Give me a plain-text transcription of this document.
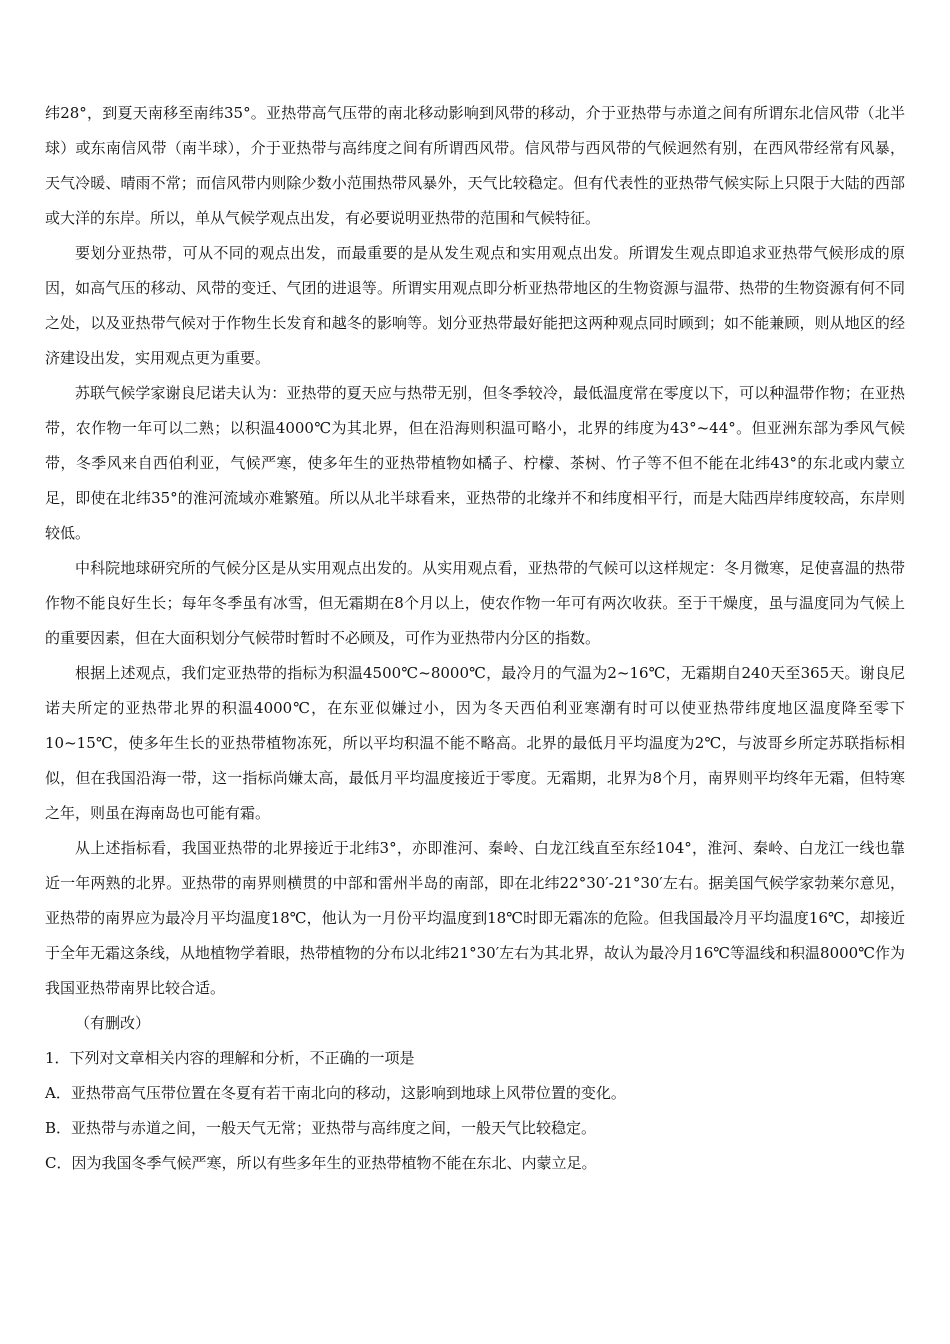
纬28°，到夏天南移至南纬35°。亚热带高气压带的南北移动影响到风带的移动，介于亚热带与赤道之间有所谓东北信风带（北半球）或东南信风带（南半球），介于亚热带与高纬度之间有所谓西风带。信风带与西风带的气候迥然有别，在西风带经常有风暴，天气冷暖、晴雨不常；而信风带内则除少数小范围热带风暴外，天气比较稳定。但有代表性的亚热带气候实际上只限于大陆的西部或大洋的东岸。所以，单从气候学观点出发，有必要说明亚热带的范围和气候特征。

要划分亚热带，可从不同的观点出发，而最重要的是从发生观点和实用观点出发。所谓发生观点即追求亚热带气候形成的原因，如高气压的移动、风带的变迁、气团的进退等。所谓实用观点即分析亚热带地区的生物资源与温带、热带的生物资源有何不同之处，以及亚热带气候对于作物生长发育和越冬的影响等。划分亚热带最好能把这两种观点同时顾到；如不能兼顾，则从地区的经济建设出发，实用观点更为重要。

苏联气候学家谢良尼诺夫认为：亚热带的夏天应与热带无别，但冬季较冷，最低温度常在零度以下，可以种温带作物；在亚热带，农作物一年可以二熟；以积温4000℃为其北界，但在沿海则积温可略小，北界的纬度为43°~44°。但亚洲东部为季风气候带，冬季风来自西伯利亚，气候严寒，使多年生的亚热带植物如橘子、柠檬、茶树、竹子等不但不能在北纬43°的东北或内蒙立足，即使在北纬35°的淮河流域亦难繁殖。所以从北半球看来，亚热带的北缘并不和纬度相平行，而是大陆西岸纬度较高，东岸则较低。

中科院地球研究所的气候分区是从实用观点出发的。从实用观点看，亚热带的气候可以这样规定：冬月微寒，足使喜温的热带作物不能良好生长；每年冬季虽有冰雪，但无霜期在8个月以上，使农作物一年可有两次收获。至于干燥度，虽与温度同为气候上的重要因素，但在大面积划分气候带时暂时不必顾及，可作为亚热带内分区的指数。

根据上述观点，我们定亚热带的指标为积温4500℃~8000℃，最冷月的气温为2~16℃，无霜期自240天至365天。谢良尼诺夫所定的亚热带北界的积温4000℃，在东亚似嫌过小，因为冬天西伯利亚寒潮有时可以使亚热带纬度地区温度降至零下10~15℃，使多年生长的亚热带植物冻死，所以平均积温不能不略高。北界的最低月平均温度为2℃，与波哥乡所定苏联指标相似，但在我国沿海一带，这一指标尚嫌太高，最低月平均温度接近于零度。无霜期，北界为8个月，南界则平均终年无霜，但特寒之年，则虽在海南岛也可能有霜。

从上述指标看，我国亚热带的北界接近于北纬3°，亦即淮河、秦岭、白龙江线直至东经104°，淮河、秦岭、白龙江一线也靠近一年两熟的北界。亚热带的南界则横贯的中部和雷州半岛的南部，即在北纬22°30′-21°30′左右。据美国气候学家勃莱尔意见，亚热带的南界应为最冷月平均温度18℃，他认为一月份平均温度到18℃时即无霜冻的危险。但我国最冷月平均温度16℃，却接近于全年无霜这条线，从地植物学着眼，热带植物的分布以北纬21°30′左右为其北界，故认为最冷月16℃等温线和积温8000℃作为我国亚热带南界比较合适。

（有删改）

1．下列对文章相关内容的理解和分析，不正确的一项是

A．亚热带高气压带位置在冬夏有若干南北向的移动，这影响到地球上风带位置的变化。

B．亚热带与赤道之间，一般天气无常；亚热带与高纬度之间，一般天气比较稳定。

C．因为我国冬季气候严寒，所以有些多年生的亚热带植物不能在东北、内蒙立足。
